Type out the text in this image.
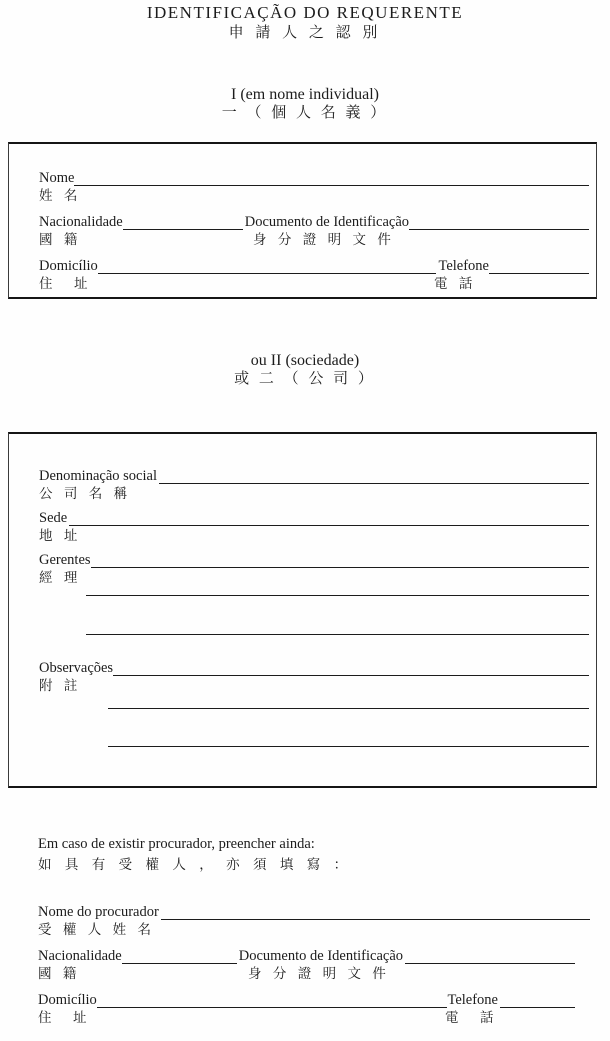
IDENTIFICAÇÃO DO REQUERENTE
申 請 人 之 認 別
I (em nome individual)
一 （ 個 人 名 義 ）
Nome
姓 名
Nacionalidade	Documento de Identificação
國 籍	身 分 證 明 文 件
Domicílio	Telefone
住　址	電 話
ou II (sociedade)
或 二 （ 公 司 ）
Denominação social
公 司 名 稱
Sede
地 址
Gerentes
經 理
Observações
附 註
Em caso de existir procurador, preencher ainda:
如 具 有 受 權 人 ， 亦 須 填 寫 ：
Nome do procurador
受 權 人 姓 名
Nacionalidade	Documento de Identificação
國 籍	身 分 證 明 文 件
Domicílio	Telefone
住　址	電　話
